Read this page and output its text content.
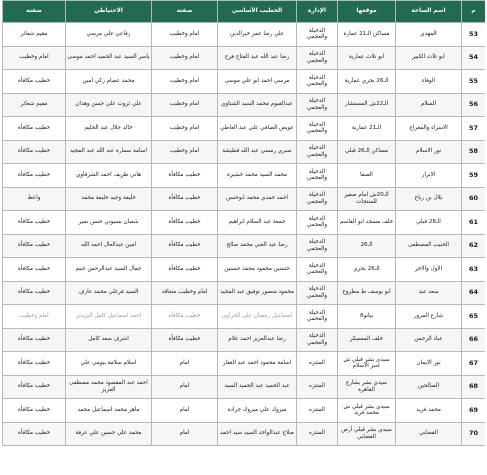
م	اسم الساحة	موقعها	الإدارة	الخطيب الأساسي	صفته	الاحتياطي	صفته
53	المهدي	مساكن الـ21 عمارة	الدخيلة والعجمي	علي رضا عمر خيرالدين	امام وخطيب	رفاعي علي مرسي	مقيم شعائر
54	ابو تلات الكبير	ابو تلات عمارية	الدخيلة والعجمي	رضا عبد الله عبد الفتاح فرج	امام وخطيب	ياسر السيد عبد الحميد احمد موسى	امام وخطيب
55	الوفاء	الـ26 بحري عمارية	الدخيلة والعجمي	مرسي احمد ابو علي موسى	امام وخطيب	محمد عصام زكي امين	خطيب مكافأة
56	السلام	الـ22ش المستشار	الدخيلة والعجمي	عبدالقيوم محمد السيد الشتاوي	امام وخطيب	علي ثروت علي حسن وهدان	مقيم شعائر
57	الاسراء والمعراج	الـ21 عمارية	الدخيلة والعجمي	عويض الصافي علي عبد العاطي	امام وخطيب	خالد جلال عبد الحليم	خطيب مكافأة
58	نور الاسلام	مساكن الـ26 قبلي	الدخيلة والعجمي	صبري رمسي عبد الله قطيشة	امام وخطيب	اسامة سمارة عبد الله عبد المجيد	خطيب مكافأة
59	الابرار	الصفا	الدخيلة والعجمي	محمد السيد محمد حشيرة	خطيب مكافأة	هاني ظريف احمد الشرقاوي	خطيب مكافأة
60	بلال بن رباح	الـ20ش امام صفير للمنتجات	الدخيلة والعجمي	احمد حمدي محمد ابوحسن	خطيب مكافأة	خليفة وجيه خليفة محمد	واعظ
61	الـ28 قبلي	خلف مسجد ابو القاسم	الدخيلة والعجمي	جمعة عبد السلام ابراهيم	خطيب مكافأة	شعبان بسيوني حسن نمير	خطيب مكافأة
62	الحبيب المصطفى	الـ26	الدخيلة والعجمي	رضا عبد الغني محمد صالح	خطيب مكافأة	امين عبدالعال احمد الله	خطيب مكافأة
63	الاول والاخر	الـ26 بحري	الدخيلة والعجمي	حسنين محمود محمد حسنين	خطيب مكافأة	جمال السيد عبدالرحمن غنيم	خطيب مكافأة
64	سعد عبد	ابو يوسف ط مطروح	الدخيلة والعجمي	محمود منصور توفيق عبد المجيد	امام وخطيب متعاقد	السيد فرغلي محمد عارف	خطيب مكافأة
65	شارع المرور	بيانو8	الدخيلة والعجمي	اسماعيل رمضان علي الحزاوي	خطيب مكافأة	احمد اسماعيل كامل البريدي	امام وخطيب
66	عباد الرحمن	خلف المعسكر	الدخيلة والعجمي	رضا عبدالعزيز احمد علام	خطيب مكافأة	اشرف سعد كامل	خطيب مكافأة
67	نور الايمان	سيدي بشر قبلي ش عنبر الاسلام	المنتزه	اسامة محمود احمد عبد الغفار	امام	اسلام سلامة بيومي علي	خطيب مكافأة
68	الصالحين	سيدي بشر بشارع القاهرة	المنتزه	عبد الحميد عبد الحميد السيد	امام	احمد عبد المقصود محمد مصطفى العزيز	خطيب مكافأة
69	محمد فريد	سيدي بشر قبلي ش محمد فريد	المنتزه	مبروك علي مبروك جرادة	امام	ماهر محمد اسماعيل محمد	خطيب مكافأة
70	القضابي	سيدي بشر قبلي أرض القضابي	المنتزه	صلاح عبدالواحد السيد سيد احمد	امام	محمد علي حسين علي عرفة	خطيب مكافأة
